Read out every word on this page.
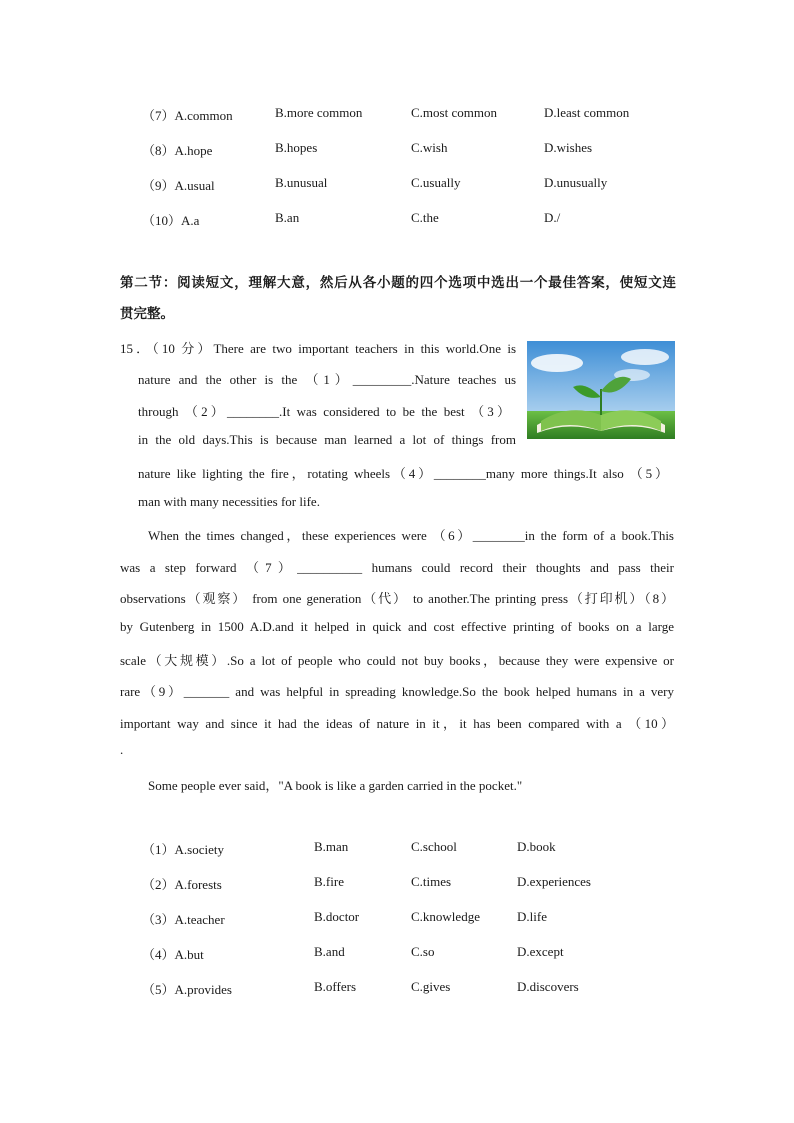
（7）A.common	B.more common	C.most common	D.least common
（8）A.hope	B.hopes	C.wish	D.wishes
（9）A.usual	B.unusual	C.usually	D.unusually
（10）A.a	B.an	C.the	D./
第二节：阅读短文，理解大意，然后从各小题的四个选项中选出一个最佳答案，使短文连
贯完整。
15．（10 分）There are two important teachers in this world.One is
nature and the other is the （1）_________.Nature teaches us
through （2）________.It was considered to be the best （3）
in the old days.This is because man learned a lot of things from
nature like lighting the fire，rotating wheels（4）________many more things.It also （5）
man with many necessities for life.
When the times changed，these experiences were （6）________in the form of a book.This
was a step forward （7）__________ humans could record their thoughts and pass their
observations（观察） from one generation（代） to another.The printing press（打印机）（8）
by Gutenberg in 1500 A.D.and it helped in quick and cost effective printing of books on a large
scale（大规模）.So a lot of people who could not buy books，because they were expensive or
rare（9）_______ and was helpful in spreading knowledge.So the book helped humans in a very
important way and since it had the ideas of nature in it，it has been compared with a （10）
.
Some people ever said，"A book is like a garden carried in the pocket."
（1）A.society	B.man	C.school	D.book
（2）A.forests	B.fire	C.times	D.experiences
（3）A.teacher	B.doctor	C.knowledge	D.life
（4）A.but	B.and	C.so	D.except
（5）A.provides	B.offers	C.gives	D.discovers
